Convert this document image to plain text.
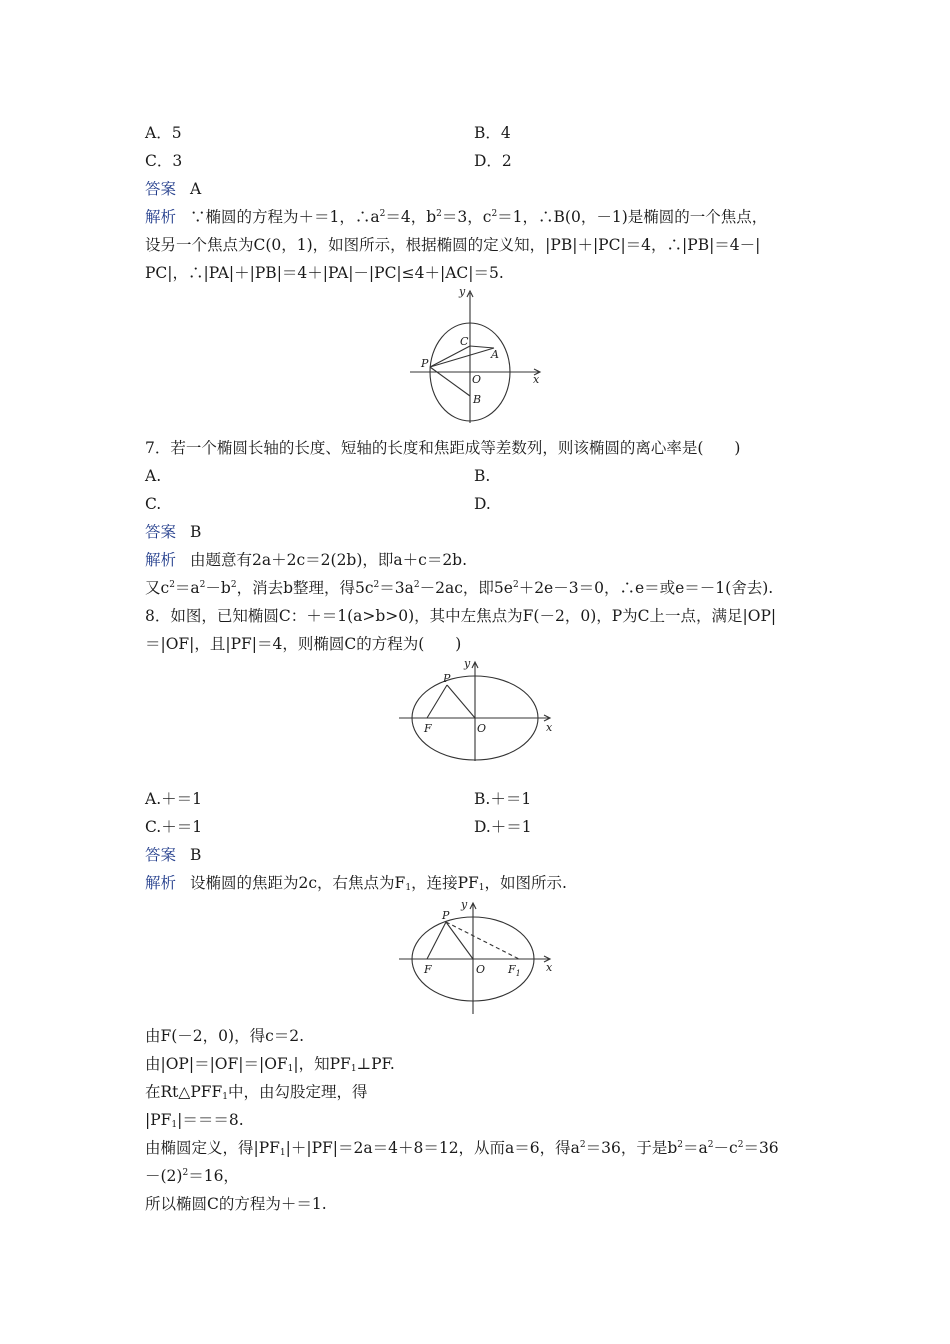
A．5	B．4
C．3	D．2
答案 A
解析 ∵椭圆的方程为＋＝1，$\therefore a^2=4$，$b^2=3$，$c^2=1$，∴B(0，－1)是椭圆的一个焦点，
设另一个焦点为C(0，1)，如图所示，根据椭圆的定义知，|PB|＋|PC|＝4，∴|PB|＝4－|
PC|，∴|PA|＋|PB|＝4＋|PA|－|PC|≤4＋|AC|＝5.
y
x
C
A
P
O
B
7．若一个椭圆长轴的长度、短轴的长度和焦距成等差数列，则该椭圆的离心率是(　　)
A.	B.
C.	D.
答案 B
解析 由题意有2a＋2c＝2(2b)，即a＋c＝2b.
又$c^2=a^2-b^2$，消去b整理，得$5c^2=3a^2-2ac$，即$5e^2+2e-3=0$，∴e＝或e＝－1(舍去).
8．如图，已知椭圆C：＋＝1(a>b>0)，其中左焦点为F(－2，0)，P为C上一点，满足|OP|
＝|OF|，且|PF|＝4，则椭圆C的方程为(　　)
y
x
P
F	O
A.＋＝1	B.＋＝1
C.＋＝1	D.＋＝1
答案 B
解析 设椭圆的焦距为2c，右焦点为$F_1$，连接$PF_1$，如图所示.
y
x
P
F	O $F_1$
由F(－2，0)，得c＝2.
由$|OP|=|OF|=|OF_1|$，知$PF_1\perp PF$.
在$Rt\triangle PFF_1$中，由勾股定理，得
$|PF_1|===8$.
由椭圆定义，得$|PF_1|+|PF|=2a=4+8=12$，从而a＝6，得$a^2=36$，于是$b^2=a^2-c^2=36$
$-(2)^2=16$，
所以椭圆C的方程为＋＝1.
